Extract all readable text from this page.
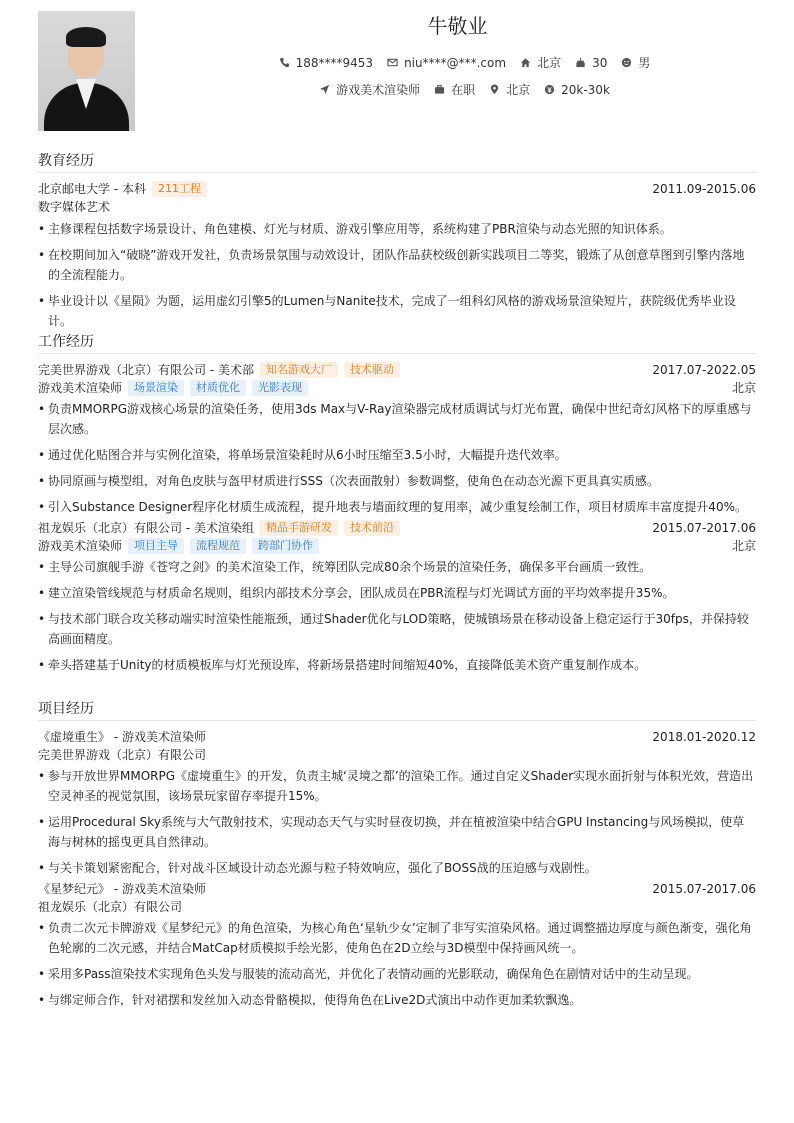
牛敬业
188****9453	niu****@***.com	北京	30	男
游戏美术渲染师	在职	北京	20k-30k
教育经历
北京邮电大学 - 本科	211工程	2011.09-2015.06
数字媒体艺术
• 主修课程包括数字场景设计、角色建模、灯光与材质、游戏引擎应用等，系统构建了PBR渲染与动态光照的知识体系。
• 在校期间加入“破晓”游戏开发社，负责场景氛围与动效设计，团队作品获校级创新实践项目二等奖，锻炼了从创意草图到引擎内落地的全流程能力。
• 毕业设计以《星陨》为题，运用虚幻引擎5的Lumen与Nanite技术，完成了一组科幻风格的游戏场景渲染短片，获院级优秀毕业设计。
工作经历
完美世界游戏（北京）有限公司 - 美术部	知名游戏大厂	技术驱动	2017.07-2022.05
游戏美术渲染师	场景渲染	材质优化	光影表现	北京
• 负责MMORPG游戏核心场景的渲染任务，使用3ds Max与V-Ray渲染器完成材质调试与灯光布置，确保中世纪奇幻风格下的厚重感与层次感。
• 通过优化贴图合并与实例化渲染，将单场景渲染耗时从6小时压缩至3.5小时，大幅提升迭代效率。
• 协同原画与模型组，对角色皮肤与盔甲材质进行SSS（次表面散射）参数调整，使角色在动态光源下更具真实质感。
• 引入Substance Designer程序化材质生成流程，提升地表与墙面纹理的复用率，减少重复绘制工作，项目材质库丰富度提升40%。
祖龙娱乐（北京）有限公司 - 美术渲染组	精品手游研发	技术前沿	2015.07-2017.06
游戏美术渲染师	项目主导	流程规范	跨部门协作	北京
• 主导公司旗舰手游《苍穹之剑》的美术渲染工作，统筹团队完成80余个场景的渲染任务，确保多平台画质一致性。
• 建立渲染管线规范与材质命名规则，组织内部技术分享会，团队成员在PBR流程与灯光调试方面的平均效率提升35%。
• 与技术部门联合攻关移动端实时渲染性能瓶颈，通过Shader优化与LOD策略，使城镇场景在移动设备上稳定运行于30fps，并保持较高画面精度。
• 牵头搭建基于Unity的材质模板库与灯光预设库，将新场景搭建时间缩短40%，直接降低美术资产重复制作成本。
项目经历
《虚境重生》 - 游戏美术渲染师	2018.01-2020.12
完美世界游戏（北京）有限公司
• 参与开放世界MMORPG《虚境重生》的开发，负责主城‘灵境之都’的渲染工作。通过自定义Shader实现水面折射与体积光效，营造出空灵神圣的视觉氛围，该场景玩家留存率提升15%。
• 运用Procedural Sky系统与大气散射技术，实现动态天气与实时昼夜切换，并在植被渲染中结合GPU Instancing与风场模拟，使草海与树林的摇曳更具自然律动。
• 与关卡策划紧密配合，针对战斗区域设计动态光源与粒子特效响应，强化了BOSS战的压迫感与戏剧性。
《星梦纪元》 - 游戏美术渲染师	2015.07-2017.06
祖龙娱乐（北京）有限公司
• 负责二次元卡牌游戏《星梦纪元》的角色渲染，为核心角色‘星轨少女’定制了非写实渲染风格。通过调整描边厚度与颜色渐变，强化角色轮廓的二次元感，并结合MatCap材质模拟手绘光影，使角色在2D立绘与3D模型中保持画风统一。
• 采用多Pass渲染技术实现角色头发与服装的流动高光，并优化了表情动画的光影联动，确保角色在剧情对话中的生动呈现。
• 与绑定师合作，针对裙摆和发丝加入动态骨骼模拟，使得角色在Live2D式演出中动作更加柔软飘逸。
